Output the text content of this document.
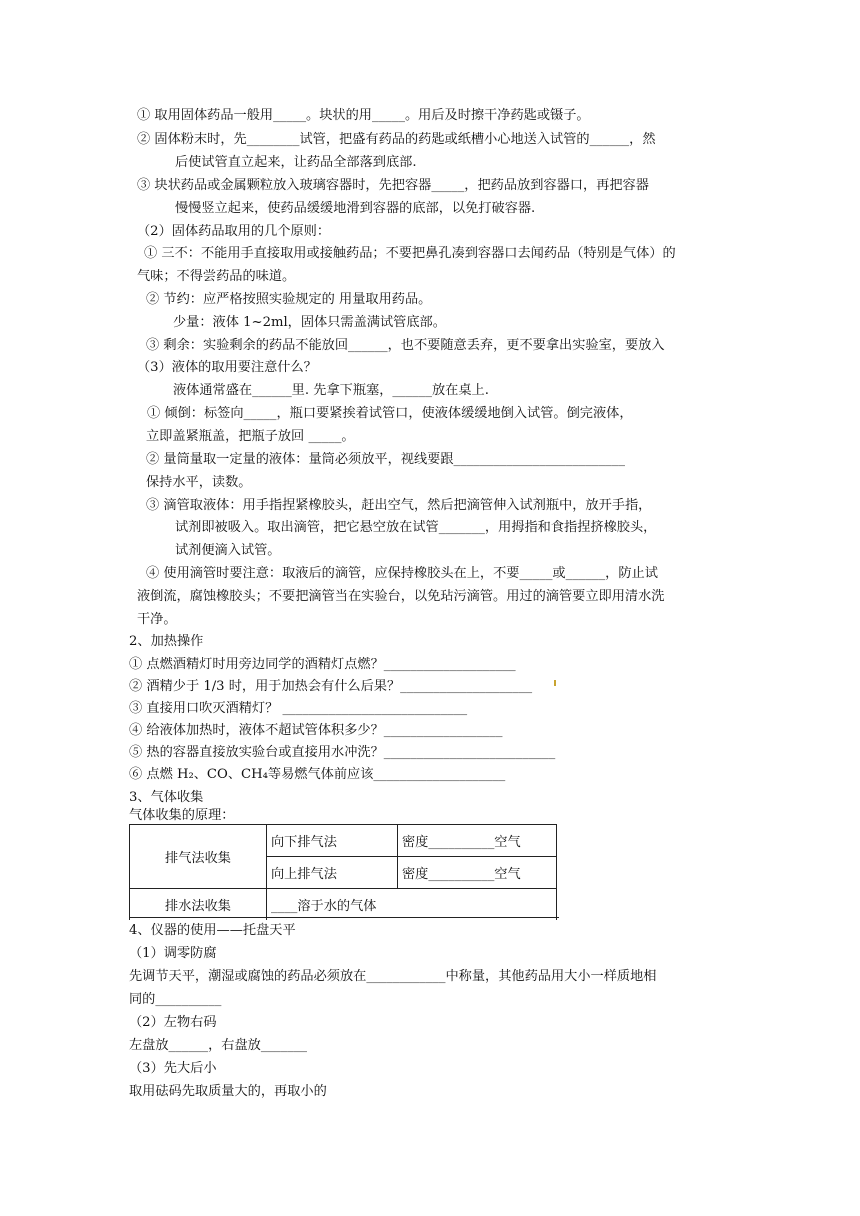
① 取用固体药品一般用_____。块状的用_____。用后及时擦干净药匙或镊子。
② 固体粉末时，先________试管，把盛有药品的药匙或纸槽小心地送入试管的______，然
后使试管直立起来，让药品全部落到底部.
③ 块状药品或金属颗粒放入玻璃容器时，先把容器_____，把药品放到容器口，再把容器
慢慢竖立起来，使药品缓缓地滑到容器的底部，以免打破容器.
（2）固体药品取用的几个原则：
① 三不：不能用手直接取用或接触药品；不要把鼻孔凑到容器口去闻药品（特别是气体）的
气味；不得尝药品的味道。
② 节约：应严格按照实验规定的 用量取用药品。
少量：液体 1~2ml，固体只需盖满试管底部。
③ 剩余：实验剩余的药品不能放回______，也不要随意丢弃，更不要拿出实验室，要放入
（3）液体的取用要注意什么？
液体通常盛在______里. 先拿下瓶塞，______放在桌上.
① 倾倒：标签向_____，瓶口要紧挨着试管口，使液体缓缓地倒入试管。倒完液体，
立即盖紧瓶盖，把瓶子放回 _____。
② 量筒量取一定量的液体：量筒必须放平，视线要跟__________________________
保持水平，读数。
③ 滴管取液体：用手指捏紧橡胶头，赶出空气，然后把滴管伸入试剂瓶中，放开手指，
试剂即被吸入。取出滴管，把它悬空放在试管_______，用拇指和食指捏挤橡胶头，
试剂便滴入试管。
④ 使用滴管时要注意：取液后的滴管，应保持橡胶头在上，不要_____或______，防止试
液倒流，腐蚀橡胶头；不要把滴管当在实验台，以免玷污滴管。用过的滴管要立即用清水洗
干净。
2、加热操作
① 点燃酒精灯时用旁边同学的酒精灯点燃？____________________
② 酒精少于 1/3 时，用于加热会有什么后果？____________________
③ 直接用口吹灭酒精灯？ ____________________________
④ 给液体加热时，液体不超试管体积多少？__________________
⑤ 热的容器直接放实验台或直接用水冲洗？__________________________
⑥ 点燃 H₂、CO、CH₄等易燃气体前应该____________________
3、气体收集
气体收集的原理：
排气法收集	向下排气法	密度__________空气
	向上排气法	密度__________空气
排水法收集	____溶于水的气体	
4、仪器的使用——托盘天平
（1）调零防腐
先调节天平，潮湿或腐蚀的药品必须放在____________中称量，其他药品用大小一样质地相
同的__________
（2）左物右码
左盘放______，右盘放_______
（3）先大后小
取用砝码先取质量大的，再取小的
